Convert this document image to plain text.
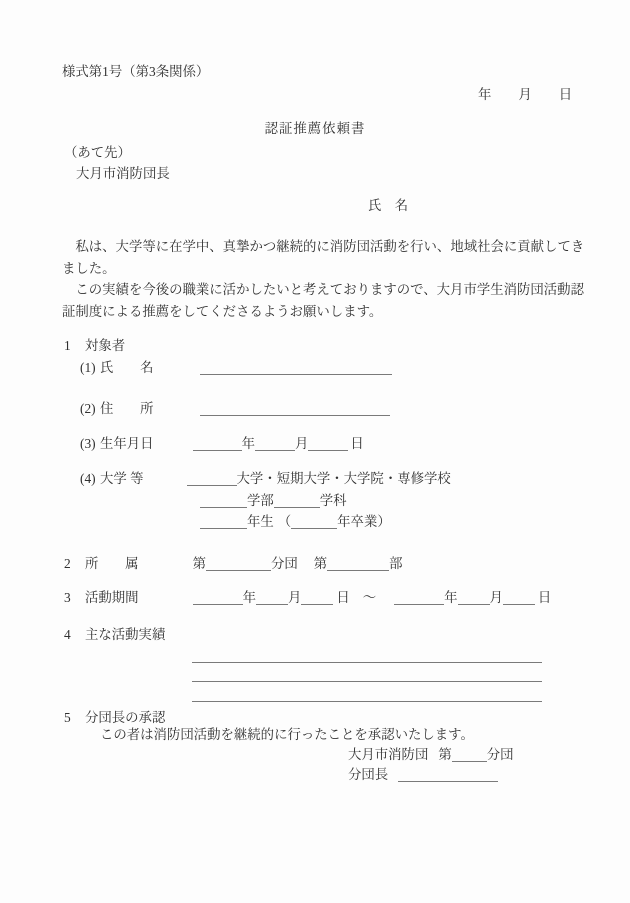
様式第1号（第3条関係）
年 月 日
認証推薦依頼書
（あて先）
大月市消防団長
氏　名
　私は、大学等に在学中、真摯かつ継続的に消防団活動を行い、地域社会に貢献してき
ました。
　この実績を今後の職業に活かしたいと考えておりますので、大月市学生消防団活動認
証制度による推薦をしてくださるようお願いします。
1 対象者
(1) 氏　　名
(2) 住　　所
(3) 生年月日	年	月	日
(4) 大学 等	大学・短期大学・大学院・専修学校
学部	学科
年生 （	年卒業）
2 所　　属	第	分団 第	部
3 活動期間	年 月	日 ～	年 月	日
4 主な活動実績
5 分団長の承認
この者は消防団活動を継続的に行ったことを承認いたします。
大月市消防団 第	分団
分団長
